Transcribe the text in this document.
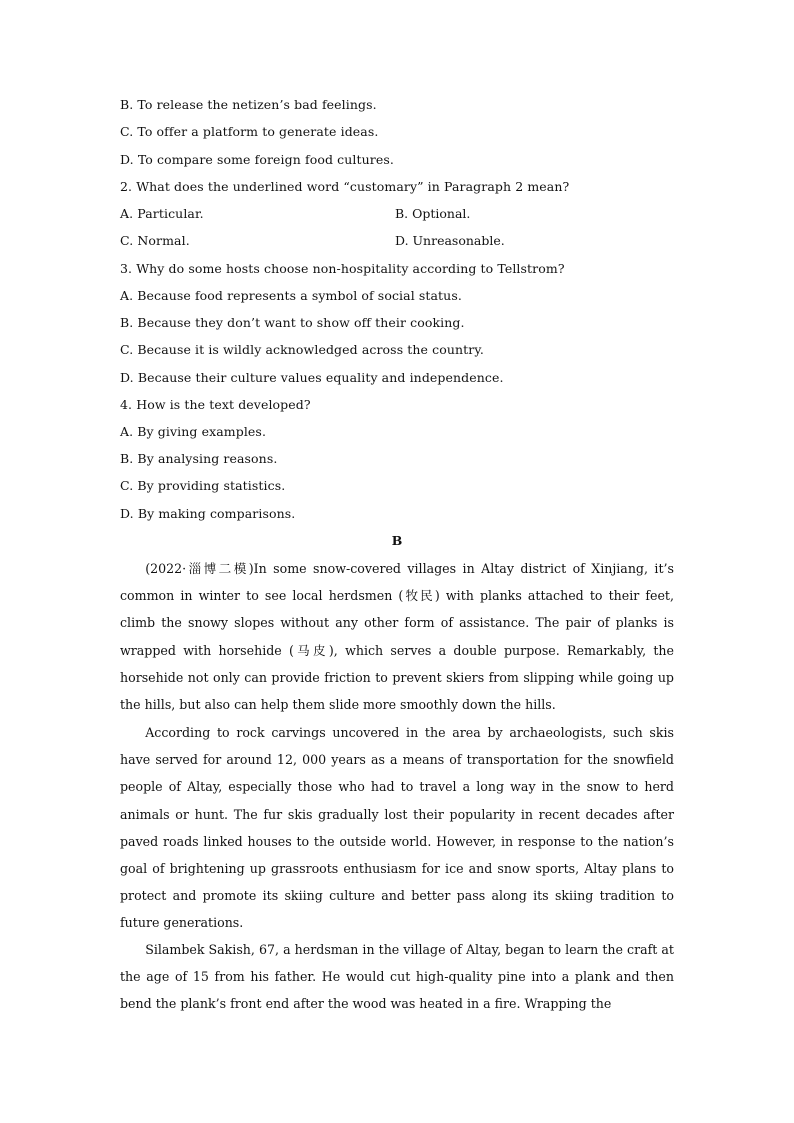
B. To release the netizen’s bad feelings.
C. To offer a platform to generate ideas.
D. To compare some foreign food cultures.
2. What does the underlined word “customary” in Paragraph 2 mean?
A. Particular.	B. Optional.
C. Normal.	D. Unreasonable.
3. Why do some hosts choose non-hospitality according to Tellstrom?
A. Because food represents a symbol of social status.
B. Because they don’t want to show off their cooking.
C. Because it is wildly acknowledged across the country.
D. Because their culture values equality and independence.
4. How is the text developed?
A. By giving examples.
B. By analysing reasons.
C. By providing statistics.
D. By making comparisons.
B

(2022·淄博二模)In some snow-covered villages in Altay district of Xinjiang, it’s common in winter to see local herdsmen (牧民) with planks attached to their feet, climb the snowy slopes without any other form of assistance. The pair of planks is wrapped with horsehide (马皮), which serves a double purpose. Remarkably, the horsehide not only can provide friction to prevent skiers from slipping while going up the hills, but also can help them slide more smoothly down the hills.

According to rock carvings uncovered in the area by archaeologists, such skis have served for around 12, 000 years as a means of transportation for the snowfield people of Altay, especially those who had to travel a long way in the snow to herd animals or hunt. The fur skis gradually lost their popularity in recent decades after paved roads linked houses to the outside world. However, in response to the nation’s goal of brightening up grassroots enthusiasm for ice and snow sports, Altay plans to protect and promote its skiing culture and better pass along its skiing tradition to future generations.

Silambek Sakish, 67, a herdsman in the village of Altay, began to learn the craft at the age of 15 from his father. He would cut high-quality pine into a plank and then bend the plank’s front end after the wood was heated in a fire. Wrapping the
